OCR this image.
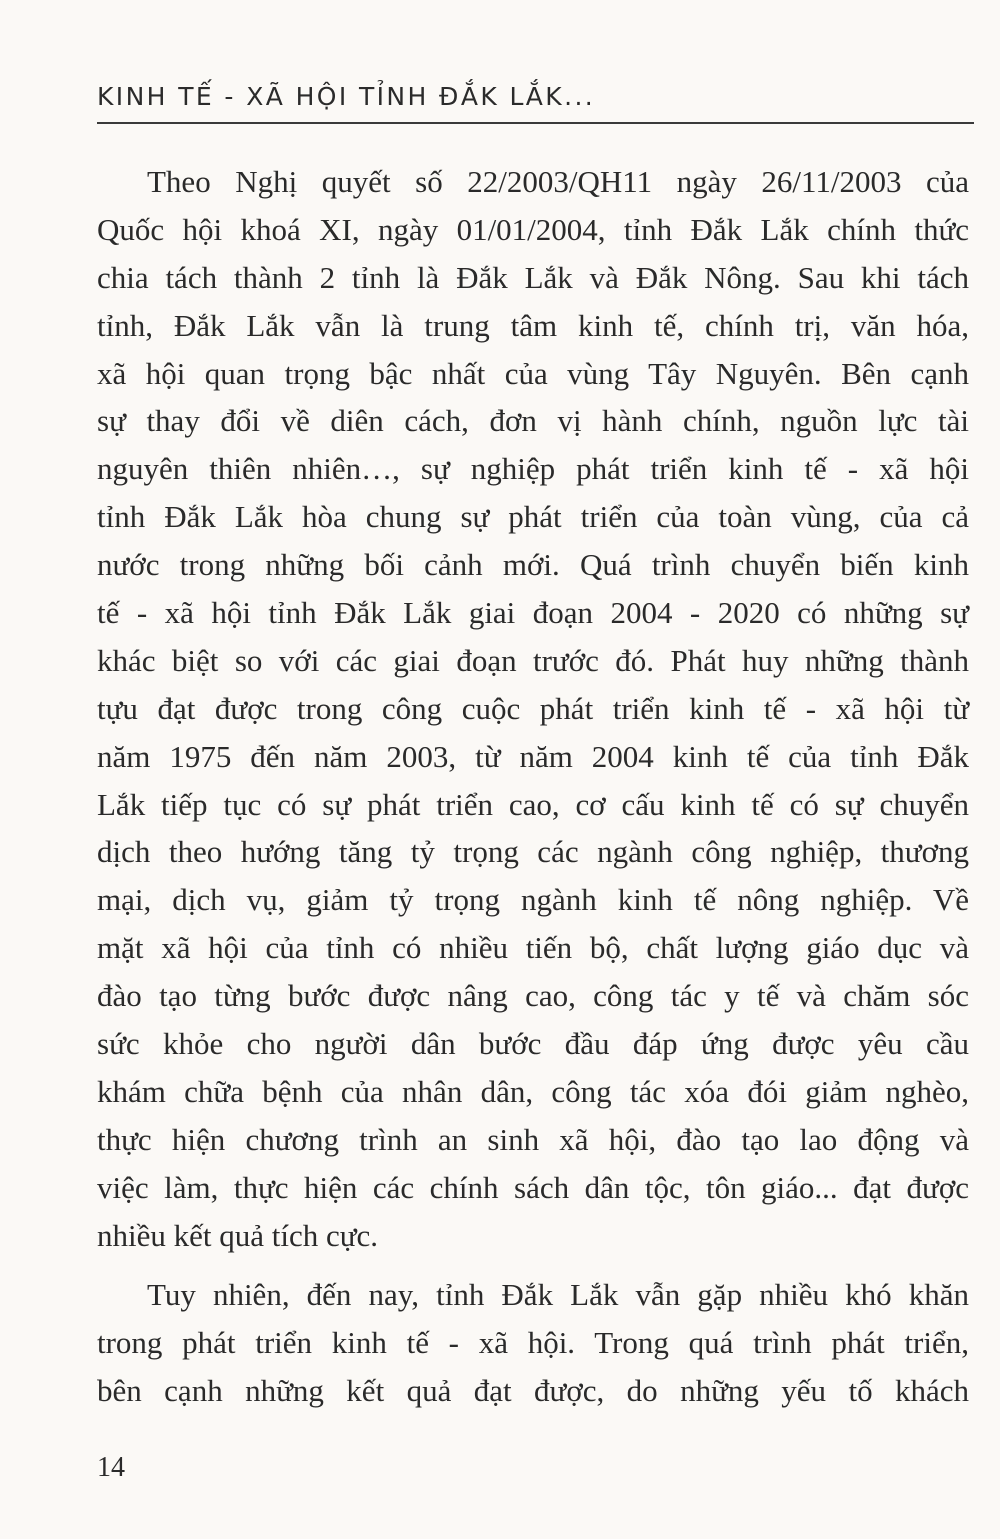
KINH TẾ - XÃ HỘI TỈNH ĐẮK LẮK...
Theo Nghị quyết số 22/2003/QH11 ngày 26/11/2003 của
Quốc hội khoá XI, ngày 01/01/2004, tỉnh Đắk Lắk chính thức
chia tách thành 2 tỉnh là Đắk Lắk và Đắk Nông. Sau khi tách
tỉnh, Đắk Lắk vẫn là trung tâm kinh tế, chính trị, văn hóa,
xã hội quan trọng bậc nhất của vùng Tây Nguyên. Bên cạnh
sự thay đổi về diên cách, đơn vị hành chính, nguồn lực tài
nguyên thiên nhiên…, sự nghiệp phát triển kinh tế - xã hội
tỉnh Đắk Lắk hòa chung sự phát triển của toàn vùng, của cả
nước trong những bối cảnh mới. Quá trình chuyển biến kinh
tế - xã hội tỉnh Đắk Lắk giai đoạn 2004 - 2020 có những sự
khác biệt so với các giai đoạn trước đó. Phát huy những thành
tựu đạt được trong công cuộc phát triển kinh tế - xã hội từ
năm 1975 đến năm 2003, từ năm 2004 kinh tế của tỉnh Đắk
Lắk tiếp tục có sự phát triển cao, cơ cấu kinh tế có sự chuyển
dịch theo hướng tăng tỷ trọng các ngành công nghiệp, thương
mại, dịch vụ, giảm tỷ trọng ngành kinh tế nông nghiệp. Về
mặt xã hội của tỉnh có nhiều tiến bộ, chất lượng giáo dục và
đào tạo từng bước được nâng cao, công tác y tế và chăm sóc
sức khỏe cho người dân bước đầu đáp ứng được yêu cầu
khám chữa bệnh của nhân dân, công tác xóa đói giảm nghèo,
thực hiện chương trình an sinh xã hội, đào tạo lao động và
việc làm, thực hiện các chính sách dân tộc, tôn giáo... đạt được
nhiều kết quả tích cực.
Tuy nhiên, đến nay, tỉnh Đắk Lắk vẫn gặp nhiều khó khăn
trong phát triển kinh tế - xã hội. Trong quá trình phát triển,
bên cạnh những kết quả đạt được, do những yếu tố khách
14
